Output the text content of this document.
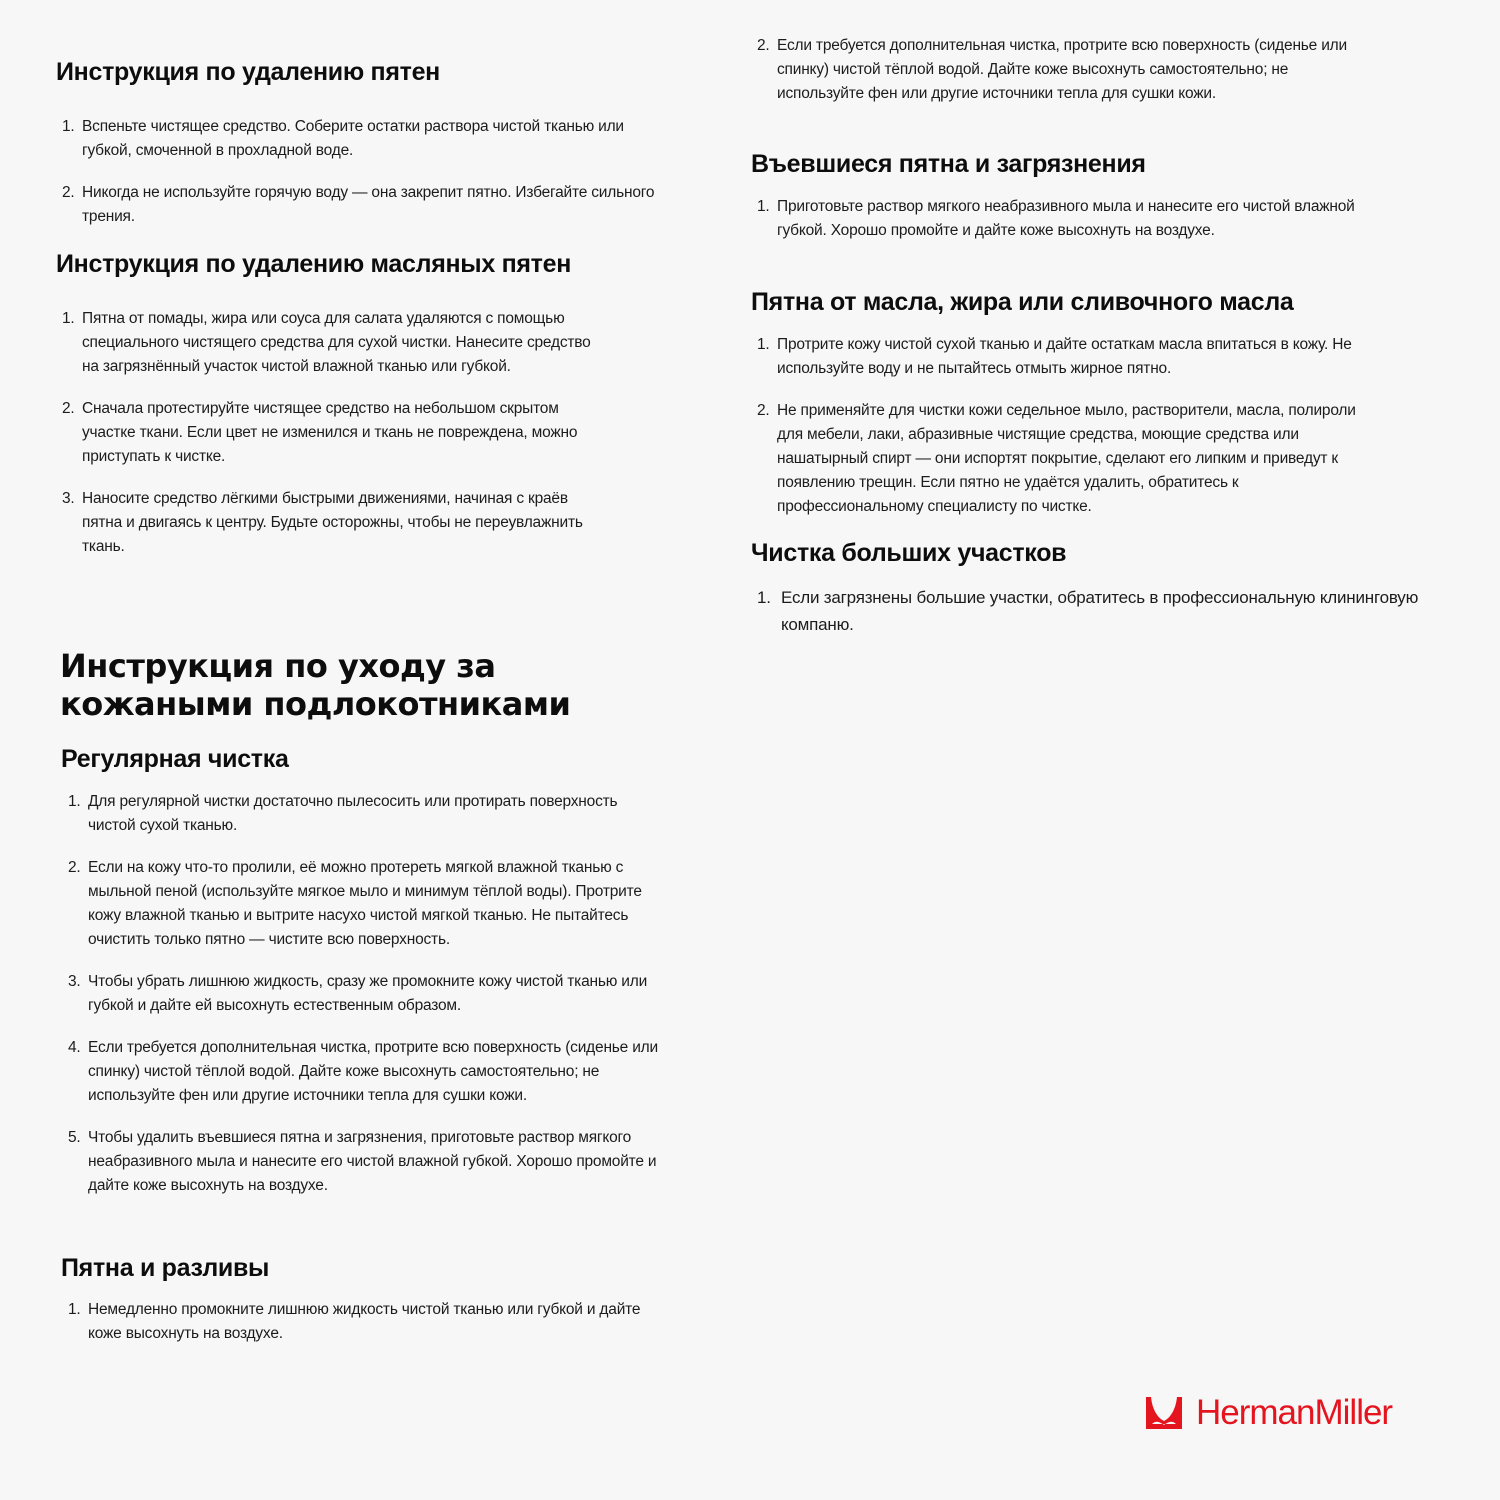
Инструкция по удалению пятен
1. Вспеньте чистящее средство. Соберите остатки раствора чистой тканью или губкой, смоченной в прохладной воде.
2. Никогда не используйте горячую воду — она закрепит пятно. Избегайте сильного трения.
Инструкция по удалению масляных пятен
1. Пятна от помады, жира или соуса для салата удаляются с помощью специального чистящего средства для сухой чистки. Нанесите средство на загрязнённый участок чистой влажной тканью или губкой.
2. Сначала протестируйте чистящее средство на небольшом скрытом участке ткани. Если цвет не изменился и ткань не повреждена, можно приступать к чистке.
3. Наносите средство лёгкими быстрыми движениями, начиная с краёв пятна и двигаясь к центру. Будьте осторожны, чтобы не переувлажнить ткань.
Инструкция по уходу за кожаными подлокотниками
Регулярная чистка
1. Для регулярной чистки достаточно пылесосить или протирать поверхность чистой сухой тканью.
2. Если на кожу что-то пролили, её можно протереть мягкой влажной тканью с мыльной пеной (используйте мягкое мыло и минимум тёплой воды). Протрите кожу влажной тканью и вытрите насухо чистой мягкой тканью. Не пытайтесь очистить только пятно — чистите всю поверхность.
3. Чтобы убрать лишнюю жидкость, сразу же промокните кожу чистой тканью или губкой и дайте ей высохнуть естественным образом.
4. Если требуется дополнительная чистка, протрите всю поверхность (сиденье или спинку) чистой тёплой водой. Дайте коже высохнуть самостоятельно; не используйте фен или другие источники тепла для сушки кожи.
5. Чтобы удалить въевшиеся пятна и загрязнения, приготовьте раствор мягкого неабразивного мыла и нанесите его чистой влажной губкой. Хорошо промойте и дайте коже высохнуть на воздухе.
Пятна и разливы
1. Немедленно промокните лишнюю жидкость чистой тканью или губкой и дайте коже высохнуть на воздухе.
2. Если требуется дополнительная чистка, протрите всю поверхность (сиденье или спинку) чистой тёплой водой. Дайте коже высохнуть самостоятельно; не используйте фен или другие источники тепла для сушки кожи.
Въевшиеся пятна и загрязнения
1. Приготовьте раствор мягкого неабразивного мыла и нанесите его чистой влажной губкой. Хорошо промойте и дайте коже высохнуть на воздухе.
Пятна от масла, жира или сливочного масла
1. Протрите кожу чистой сухой тканью и дайте остаткам масла впитаться в кожу. Не используйте воду и не пытайтесь отмыть жирное пятно.
2. Не применяйте для чистки кожи седельное мыло, растворители, масла, полироли для мебели, лаки, абразивные чистящие средства, моющие средства или нашатырный спирт — они испортят покрытие, сделают его липким и приведут к появлению трещин. Если пятно не удаётся удалить, обратитесь к профессиональному специалисту по чистке.
Чистка больших участков
1. Если загрязнены большие участки, обратитесь в профессиональную клининговую компаню.
HermanMiller
